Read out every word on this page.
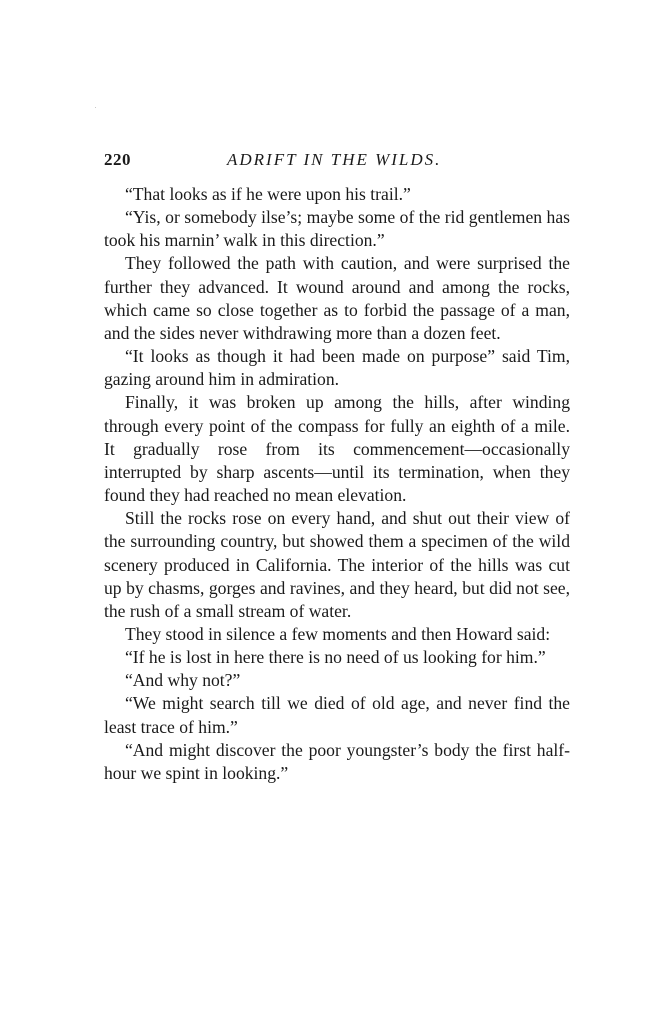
220	ADRIFT IN THE WILDS.

“That looks as if he were upon his trail.”

“Yis, or somebody ilse’s; maybe some of the rid gentlemen has took his marnin’ walk in this direction.”

They followed the path with caution, and were surprised the further they advanced. It wound around and among the rocks, which came so close together as to forbid the passage of a man, and the sides never withdrawing more than a dozen feet.

“It looks as though it had been made on purpose” said Tim, gazing around him in admiration.

Finally, it was broken up among the hills, after winding through every point of the compass for fully an eighth of a mile. It gradually rose from its commencement—occasionally interrupted by sharp ascents—until its termination, when they found they had reached no mean elevation.

Still the rocks rose on every hand, and shut out their view of the surrounding country, but showed them a specimen of the wild scenery produced in California. The interior of the hills was cut up by chasms, gorges and ravines, and they heard, but did not see, the rush of a small stream of water.

They stood in silence a few moments and then Howard said:

“If he is lost in here there is no need of us looking for him.”

“And why not?”

“We might search till we died of old age, and never find the least trace of him.”

“And might discover the poor youngster’s body the first half-hour we spint in looking.”
